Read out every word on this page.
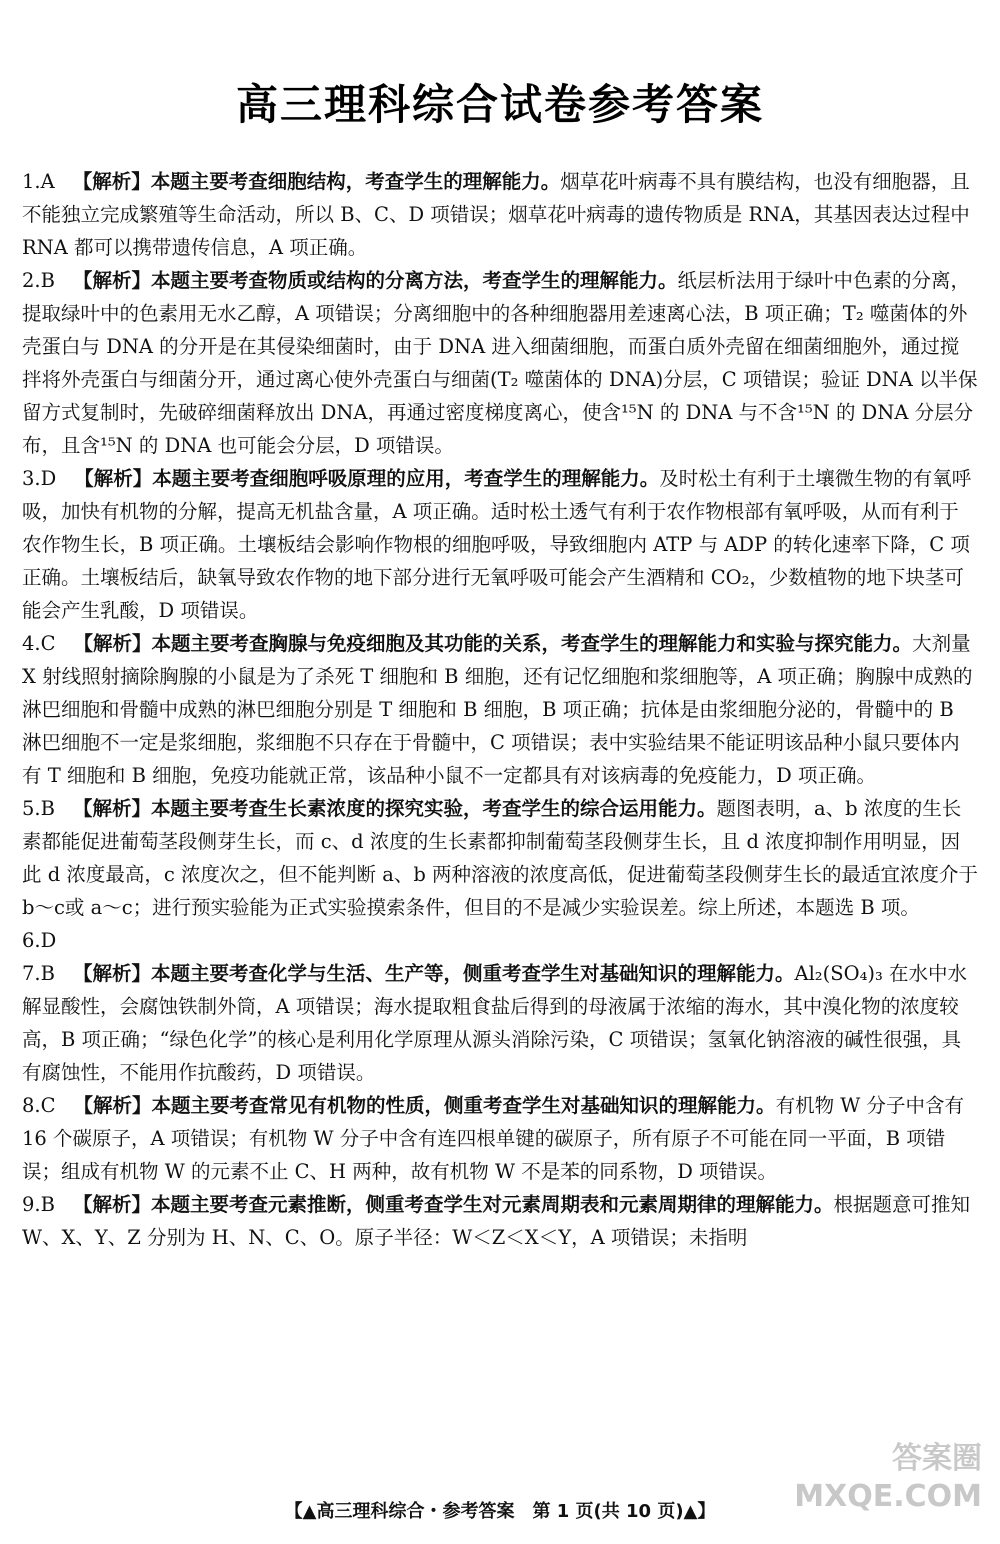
高三理科综合试卷参考答案

1.A 【解析】本题主要考查细胞结构，考查学生的理解能力。烟草花叶病毒不具有膜结构，也没有细胞器，且不能独立完成繁殖等生命活动，所以 B、C、D 项错误；烟草花叶病毒的遗传物质是 RNA，其基因表达过程中 RNA 都可以携带遗传信息，A 项正确。

2.B 【解析】本题主要考查物质或结构的分离方法，考查学生的理解能力。纸层析法用于绿叶中色素的分离，提取绿叶中的色素用无水乙醇，A 项错误；分离细胞中的各种细胞器用差速离心法，B 项正确；T₂ 噬菌体的外壳蛋白与 DNA 的分开是在其侵染细菌时，由于 DNA 进入细菌细胞，而蛋白质外壳留在细菌细胞外，通过搅拌将外壳蛋白与细菌分开，通过离心使外壳蛋白与细菌(T₂ 噬菌体的 DNA)分层，C 项错误；验证 DNA 以半保留方式复制时，先破碎细菌释放出 DNA，再通过密度梯度离心，使含¹⁵N 的 DNA 与不含¹⁵N 的 DNA 分层分布，且含¹⁵N 的 DNA 也可能会分层，D 项错误。

3.D 【解析】本题主要考查细胞呼吸原理的应用，考查学生的理解能力。及时松土有利于土壤微生物的有氧呼吸，加快有机物的分解，提高无机盐含量，A 项正确。适时松土透气有利于农作物根部有氧呼吸，从而有利于农作物生长，B 项正确。土壤板结会影响作物根的细胞呼吸，导致细胞内 ATP 与 ADP 的转化速率下降，C 项正确。土壤板结后，缺氧导致农作物的地下部分进行无氧呼吸可能会产生酒精和 CO₂，少数植物的地下块茎可能会产生乳酸，D 项错误。

4.C 【解析】本题主要考查胸腺与免疫细胞及其功能的关系，考查学生的理解能力和实验与探究能力。大剂量 X 射线照射摘除胸腺的小鼠是为了杀死 T 细胞和 B 细胞，还有记忆细胞和浆细胞等，A 项正确；胸腺中成熟的淋巴细胞和骨髓中成熟的淋巴细胞分别是 T 细胞和 B 细胞，B 项正确；抗体是由浆细胞分泌的，骨髓中的 B 淋巴细胞不一定是浆细胞，浆细胞不只存在于骨髓中，C 项错误；表中实验结果不能证明该品种小鼠只要体内有 T 细胞和 B 细胞，免疫功能就正常，该品种小鼠不一定都具有对该病毒的免疫能力，D 项正确。

5.B 【解析】本题主要考查生长素浓度的探究实验，考查学生的综合运用能力。题图表明，a、b 浓度的生长素都能促进葡萄茎段侧芽生长，而 c、d 浓度的生长素都抑制葡萄茎段侧芽生长，且 d 浓度抑制作用明显，因此 d 浓度最高，c 浓度次之，但不能判断 a、b 两种溶液的浓度高低，促进葡萄茎段侧芽生长的最适宜浓度介于b～c或 a～c；进行预实验能为正式实验摸索条件，但目的不是减少实验误差。综上所述，本题选 B 项。

6.D

7.B 【解析】本题主要考查化学与生活、生产等，侧重考查学生对基础知识的理解能力。Al₂(SO₄)₃ 在水中水解显酸性，会腐蚀铁制外筒，A 项错误；海水提取粗食盐后得到的母液属于浓缩的海水，其中溴化物的浓度较高，B 项正确；“绿色化学”的核心是利用化学原理从源头消除污染，C 项错误；氢氧化钠溶液的碱性很强，具有腐蚀性，不能用作抗酸药，D 项错误。

8.C 【解析】本题主要考查常见有机物的性质，侧重考查学生对基础知识的理解能力。有机物 W 分子中含有 16 个碳原子，A 项错误；有机物 W 分子中含有连四根单键的碳原子，所有原子不可能在同一平面，B 项错误；组成有机物 W 的元素不止 C、H 两种，故有机物 W 不是苯的同系物，D 项错误。

9.B 【解析】本题主要考查元素推断，侧重考查学生对元素周期表和元素周期律的理解能力。根据题意可推知 W、X、Y、Z 分别为 H、N、C、O。原子半径：W＜Z＜X＜Y，A 项错误；未指明

答案圈
MXQE.COM
【▲高三理科综合・参考答案　第 1 页(共 10 页)▲】
